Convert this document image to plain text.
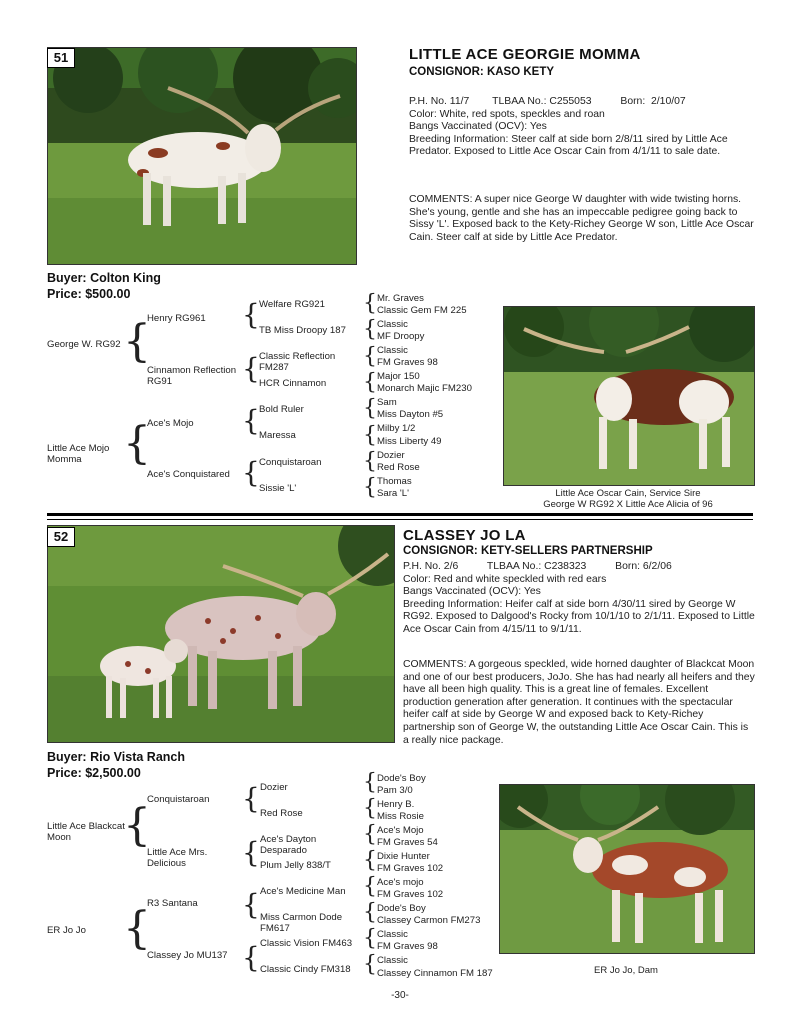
51	LITTLE ACE GEORGIE MOMMA
CONSIGNOR: KASO KETY
P.H. No. 11/7        TLBAA No.: C255053          Born:  2/10/07
Color: White, red spots, speckles and roan
Bangs Vaccinated (OCV): Yes
Breeding Information: Steer calf at side born 2/8/11 sired by Little Ace Predator. Exposed to Little Ace Oscar Cain from 4/1/11 to sale date.
COMMENTS: A super nice George W daughter with wide twisting horns. She's young, gentle and she has an impeccable pedigree going back to Sissy 'L'. Exposed back to the Kety-Richey George W son, Little Ace Oscar Cain. Steer calf at side by Little Ace Predator.
Buyer: Colton King
Price: $500.00
George W. RG92
Little Ace Mojo Momma
{
{
Henry RG961
Cinnamon Reflection RG91
Ace's Mojo
Ace's Conquistared
{
{
{
{
Welfare RG921
TB Miss Droopy 187
Classic Reflection FM287
HCR Cinnamon
Bold Ruler
Maressa
Conquistaroan
Sissie 'L'
{
{
{
{
{
{
{
{
Mr. Graves
Classic Gem FM 225
Classic
MF Droopy
Classic
FM Graves 98
Major 150
Monarch Majic FM230
Sam
Miss Dayton #5
Milby 1/2
Miss Liberty 49
Dozier
Red Rose
Thomas
Sara 'L'	Little Ace Oscar Cain, Service Sire
George W RG92 X Little Ace Alicia of 96
52	CLASSEY JO LA
CONSIGNOR: KETY-SELLERS PARTNERSHIP
P.H. No. 2/6          TLBAA No.: C238323          Born: 6/2/06
Color: Red and white speckled with red ears
Bangs Vaccinated (OCV): Yes
Breeding Information: Heifer calf at side born 4/30/11 sired by George W RG92. Exposed to Dalgood's Rocky from 10/1/10 to 2/1/11. Exposed to Little Ace Oscar Cain from 4/15/11 to 9/1/11.
COMMENTS: A gorgeous speckled, wide horned daughter of Blackcat Moon and one of our best producers, JoJo. She has had nearly all heifers and they have all been high quality. This is a great line of females. Excellent production generation after generation. It continues with the spectacular heifer calf at side by George W and exposed back to Kety-Richey partnership son of George W, the outstanding Little Ace Oscar Cain. This is a really nice package.
Buyer: Rio Vista Ranch
Price: $2,500.00
Little Ace Blackcat Moon
ER Jo Jo
{
{
Conquistaroan
Little Ace Mrs. Delicious
R3 Santana
Classey Jo MU137
{
{
{
{
Dozier
Red Rose
Ace's Dayton Desparado
Plum Jelly 838/T
Ace's Medicine Man
Miss Carmon Dode FM617
Classic Vision FM463
Classic Cindy FM318
{
{
{
{
{
{
{
{
Dode's Boy
Pam 3/0
Henry B.
Miss Rosie
Ace's Mojo
FM Graves 54
Dixie Hunter
FM Graves 102
Ace's mojo
FM Graves 102
Dode's Boy
Classey Carmon FM273
Classic
FM Graves 98
Classic
Classey Cinnamon FM 187	ER Jo Jo, Dam
-30-
